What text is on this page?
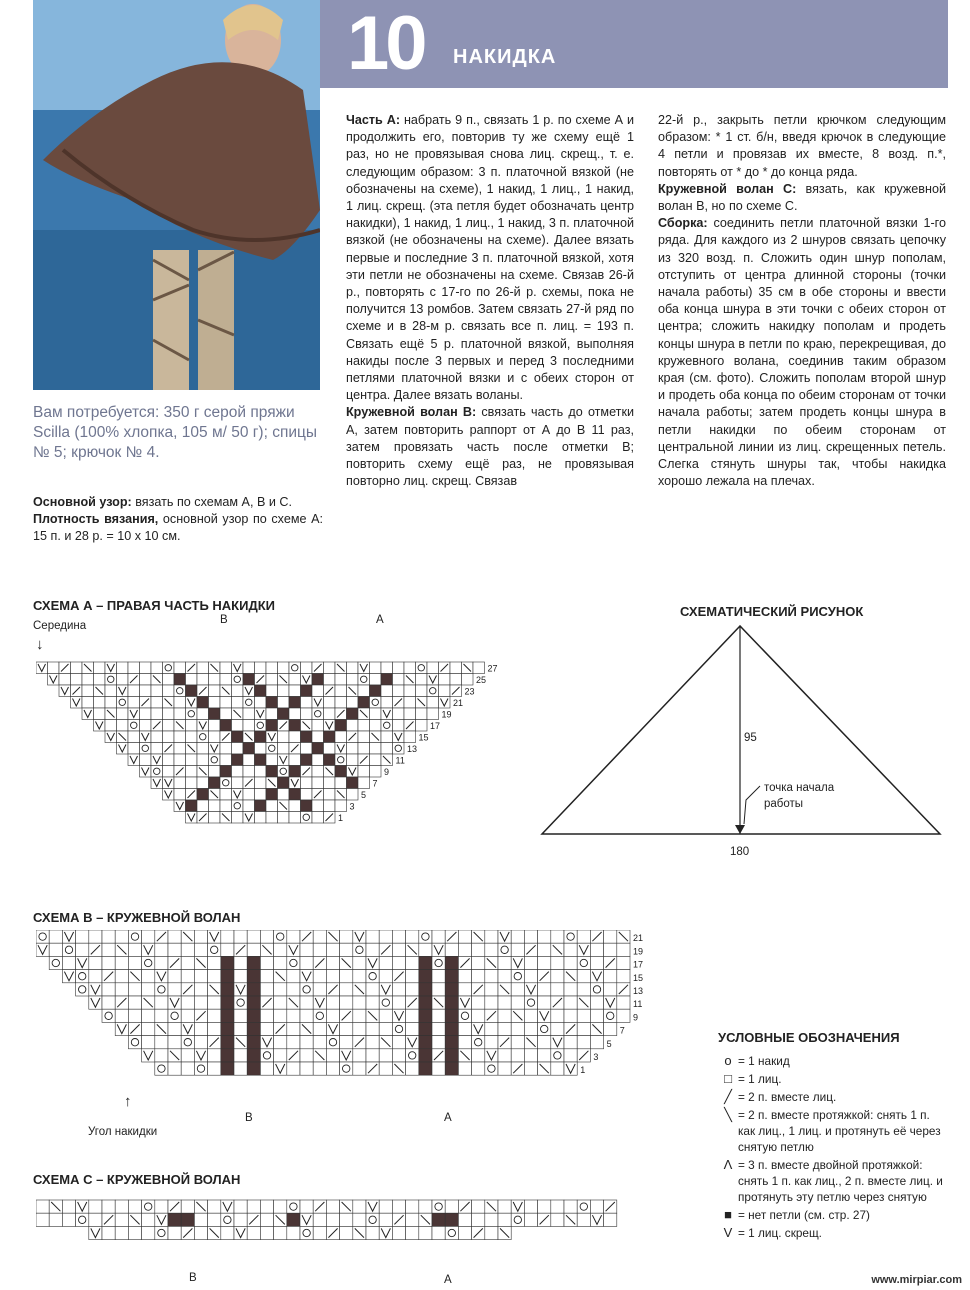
10 НАКИДКА
Вам потребуется: 350 г серой пряжи Scilla (100% хлопка, 105 м/ 50 г); спицы № 5; крючок № 4.

Основной узор: вязать по схемам А, В и С.

Плотность вязания, основной узор по схеме А: 15 п. и 28 р. = 10 х 10 см.

Часть А: набрать 9 п., связать 1 р. по схеме А и продолжить его, повторив ту же схему ещё 1 раз, но не провязывая снова лиц. скрещ., т. е. следующим образом: 3 п. платочной вязкой (не обозначены на схеме), 1 накид, 1 лиц., 1 накид, 1 лиц. скрещ. (эта петля будет обозначать центр накидки), 1 накид, 1 лиц., 1 накид, 3 п. платочной вязкой (не обозначены на схеме). Далее вязать первые и последние 3 п. платочной вязкой, хотя эти петли не обозначены на схеме. Связав 26-й р., повторять с 17-го по 26-й р. схемы, пока не получится 13 ромбов. Затем связать 27-й ряд по схеме и в 28-м р. связать все п. лиц. = 193 п. Связать ещё 5 р. платочной вязкой, выполняя накиды после 3 первых и перед 3 последними петлями платочной вязки и с обеих сторон от центра. Далее вязать воланы.

Кружевной волан В: связать часть до отметки А, затем повторить раппорт от А до В 11 раз, затем провязать часть после отметки В; повторить схему ещё раз, не провязывая повторно лиц. скрещ. Связав

22-й р., закрыть петли крючком следующим образом: * 1 ст. б/н, введя крючок в следующие 4 петли и провязав их вместе, 8 возд. п.*, повторять от * до * до конца ряда.

Кружевной волан С: вязать, как кружевной волан В, но по схеме С.

Сборка: соединить петли платочной вязки 1-го ряда. Для каждого из 2 шнуров связать цепочку из 320 возд. п. Сложить один шнур пополам, отступить от центра длинной стороны (точки начала работы) 35 см в обе стороны и ввести оба конца шнура в эти точки с обеих сторон от центра; сложить накидку пополам и продеть концы шнура в петли по краю, перекрещивая, до кружевного волана, соединив таким образом края (см. фото). Сложить пополам второй шнур и продеть оба конца по обеим сторонам от точки начала работы; затем продеть концы шнура в петли накидки по обеим сторонам от центральной линии из лиц. скрещенных петель. Слегка стянуть шнуры так, чтобы накидка хорошо лежала на плечах.

СХЕМА А – ПРАВАЯ ЧАСТЬ НАКИДКИ
Середина
↓
В	А
27
25
23
21
19
17
15
13
11
9
7
5
3
1
СХЕМАТИЧЕСКИЙ РИСУНОК
95
180
точка начала
работы
СХЕМА В – КРУЖЕВНОЙ ВОЛАН
21
19
17
15
13
11
9
7
5
3
1
↑
Угол накидки
В	А
СХЕМА С – КРУЖЕВНОЙ ВОЛАН
В	А
УСЛОВНЫЕ ОБОЗНАЧЕНИЯ
o = 1 накид
□ = 1 лиц.
╱ = 2 п. вместе лиц.
╲ = 2 п. вместе протяжкой: снять 1 п. как лиц., 1 лиц. и протянуть её через снятую петлю
Λ = 3 п. вместе двойной протяжкой: снять 1 п. как лиц., 2 п. вместе лиц. и протянуть эту петлю через снятую
■ = нет петли (см. стр. 27)
V = 1 лиц. скрещ.
www.mirpiar.com
